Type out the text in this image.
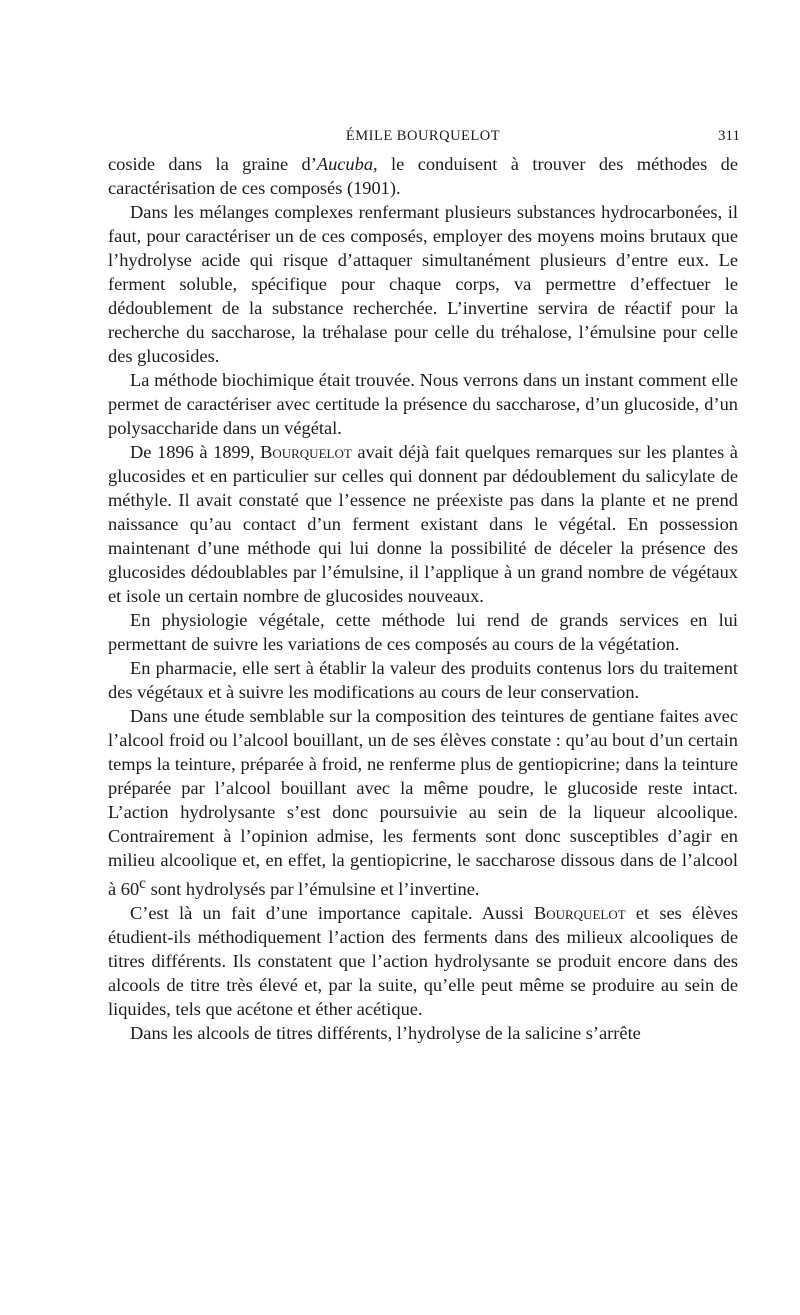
ÉMILE BOURQUELOT	311

coside dans la graine d’Aucuba, le conduisent à trouver des méthodes de caractérisation de ces composés (1901).

Dans les mélanges complexes renfermant plusieurs substances hydrocarbonées, il faut, pour caractériser un de ces composés, employer des moyens moins brutaux que l’hydrolyse acide qui risque d’attaquer simultanément plusieurs d’entre eux. Le ferment soluble, spécifique pour chaque corps, va permettre d’effectuer le dédoublement de la substance recherchée. L’invertine servira de réactif pour la recherche du saccharose, la tréhalase pour celle du tréhalose, l’émulsine pour celle des glucosides.

La méthode biochimique était trouvée. Nous verrons dans un instant comment elle permet de caractériser avec certitude la présence du saccharose, d’un glucoside, d’un polysaccharide dans un végétal.

De 1896 à 1899, Bourquelot avait déjà fait quelques remarques sur les plantes à glucosides et en particulier sur celles qui donnent par dédoublement du salicylate de méthyle. Il avait constaté que l’essence ne préexiste pas dans la plante et ne prend naissance qu’au contact d’un ferment existant dans le végétal. En possession maintenant d’une méthode qui lui donne la possibilité de déceler la présence des glucosides dédoublables par l’émulsine, il l’applique à un grand nombre de végétaux et isole un certain nombre de glucosides nouveaux.

En physiologie végétale, cette méthode lui rend de grands services en lui permettant de suivre les variations de ces composés au cours de la végétation.

En pharmacie, elle sert à établir la valeur des produits contenus lors du traitement des végétaux et à suivre les modifications au cours de leur conservation.

Dans une étude semblable sur la composition des teintures de gentiane faites avec l’alcool froid ou l’alcool bouillant, un de ses élèves constate : qu’au bout d’un certain temps la teinture, préparée à froid, ne renferme plus de gentiopicrine; dans la teinture préparée par l’alcool bouillant avec la même poudre, le glucoside reste intact. L’action hydrolysante s’est donc poursuivie au sein de la liqueur alcoolique. Contrairement à l’opinion admise, les ferments sont donc susceptibles d’agir en milieu alcoolique et, en effet, la gentiopicrine, le saccharose dissous dans de l’alcool à 60$^c$ sont hydrolysés par l’émulsine et l’invertine.

C’est là un fait d’une importance capitale. Aussi Bourquelot et ses élèves étudient-ils méthodiquement l’action des ferments dans des milieux alcooliques de titres différents. Ils constatent que l’action hydrolysante se produit encore dans des alcools de titre très élevé et, par la suite, qu’elle peut même se produire au sein de liquides, tels que acétone et éther acétique.

Dans les alcools de titres différents, l’hydrolyse de la salicine s’arrête
